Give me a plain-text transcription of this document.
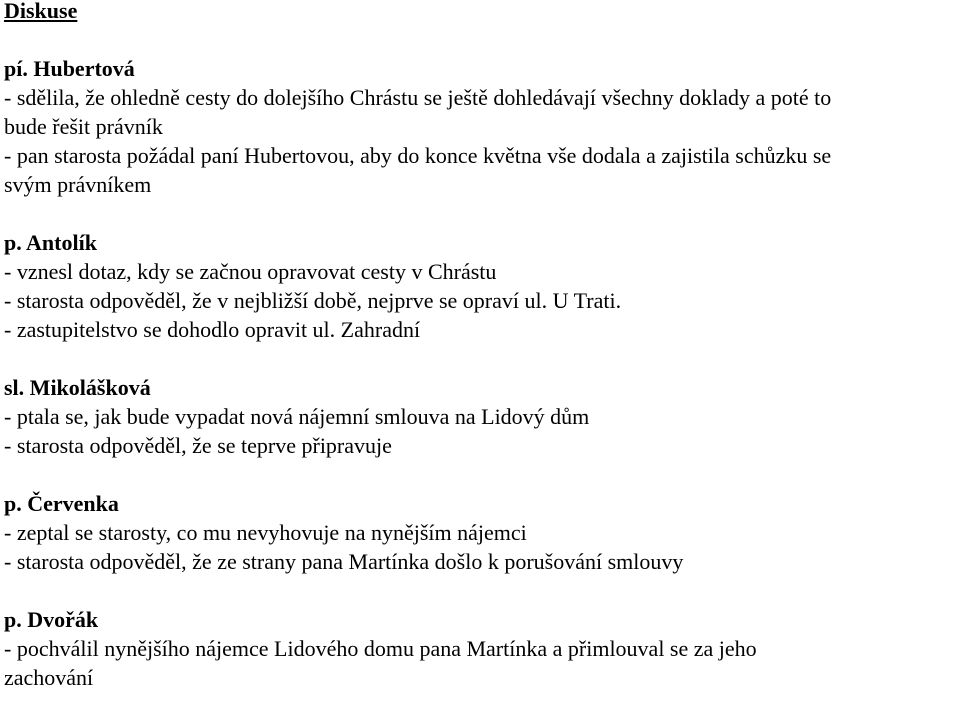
Diskuse
pí. Hubertová
- sdělila, že ohledně cesty do dolejšího Chrástu se ještě dohledávají všechny doklady a poté to
bude řešit právník
- pan starosta požádal paní Hubertovou, aby do konce května vše dodala a zajistila schůzku se
svým právníkem
p. Antolík
- vznesl dotaz, kdy se začnou opravovat cesty v Chrástu
- starosta odpověděl, že v nejbližší době, nejprve se opraví ul. U Trati.
- zastupitelstvo se dohodlo opravit ul. Zahradní
sl. Mikolášková
- ptala se, jak bude vypadat nová nájemní smlouva na Lidový dům
- starosta odpověděl, že se teprve připravuje
p. Červenka
- zeptal se starosty, co mu nevyhovuje na nynějším nájemci
- starosta odpověděl, že ze strany pana Martínka došlo k porušování smlouvy
p. Dvořák
- pochválil nynějšího nájemce Lidového domu pana Martínka a přimlouval se za jeho
zachování
